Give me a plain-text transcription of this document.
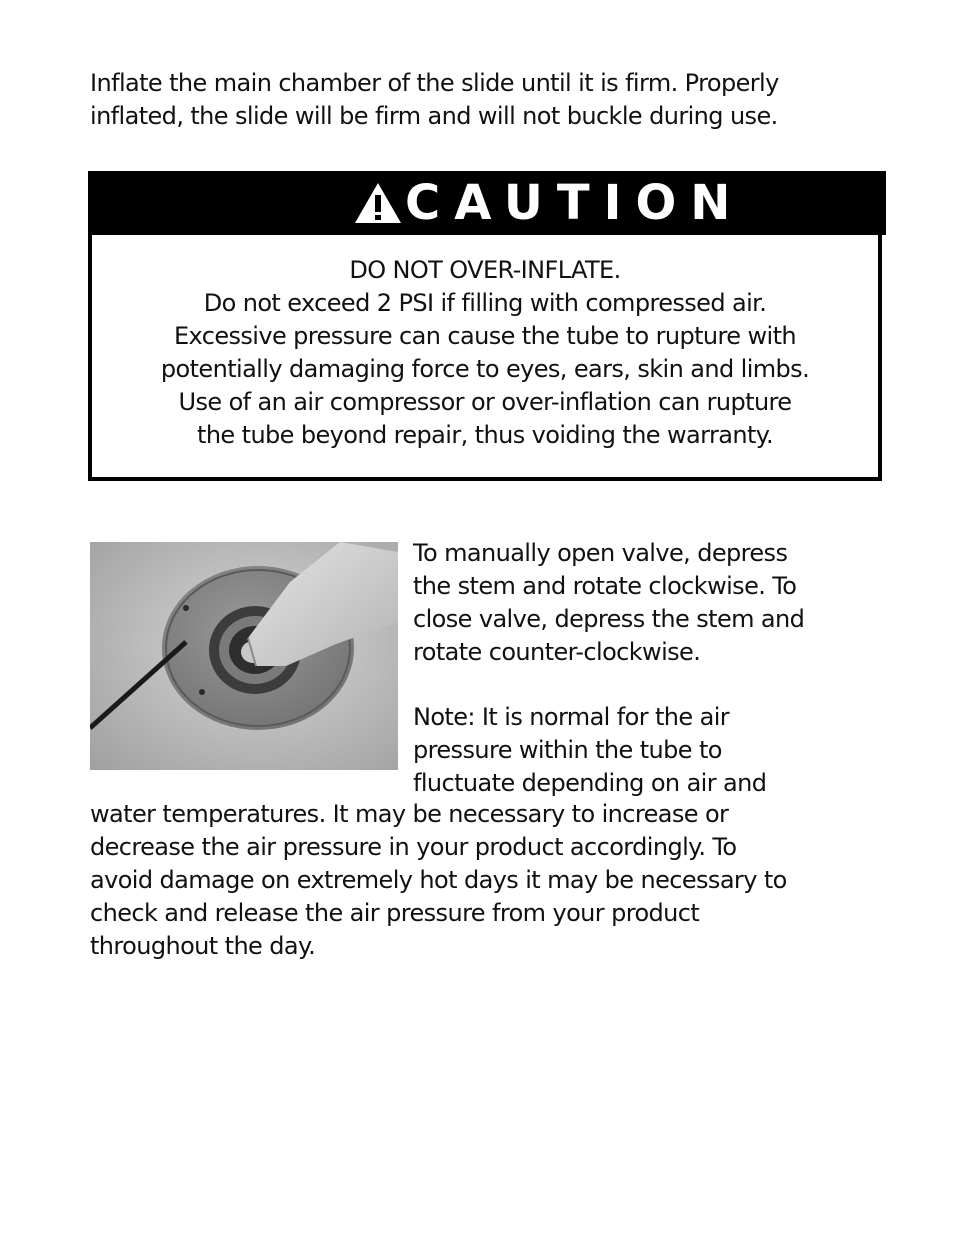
Inflate the main chamber of the slide until it is firm. Properly
inflated, the slide will be firm and will not buckle during use.

CAUTION
DO NOT OVER-INFLATE.
Do not exceed 2 PSI if filling with compressed air.
Excessive pressure can cause the tube to rupture with
potentially damaging force to eyes, ears, skin and limbs.
Use of an air compressor or over-inflation can rupture
the tube beyond repair, thus voiding the warranty.
To manually open valve, depress
the stem and rotate clockwise. To
close valve, depress the stem and
rotate counter-clockwise.
Note: It is normal for the air
pressure within the tube to
fluctuate depending on air and
water temperatures. It may be necessary to increase or
decrease the air pressure in your product accordingly. To
avoid damage on extremely hot days it may be necessary to
check and release the air pressure from your product
throughout the day.
